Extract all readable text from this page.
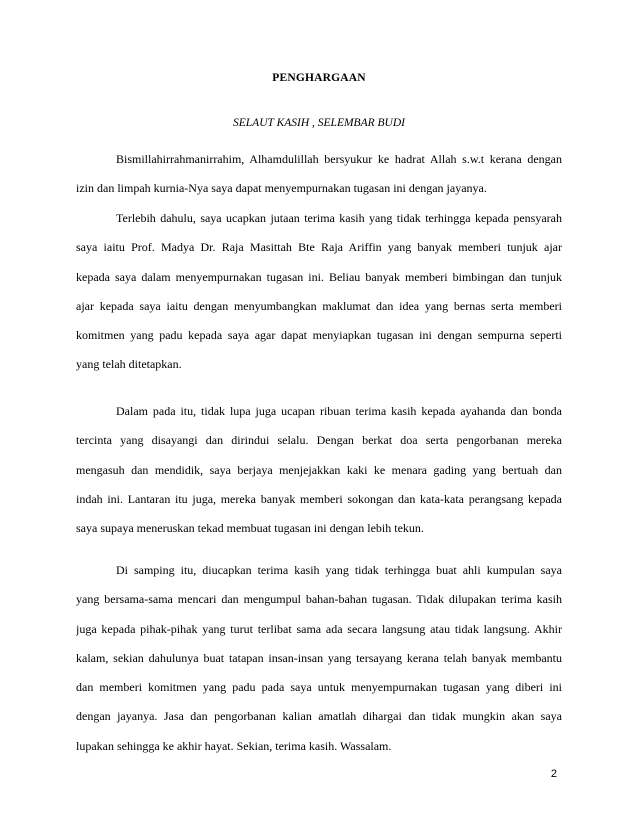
PENGHARGAAN
SELAUT KASIH , SELEMBAR BUDI
Bismillahirrahmanirrahim, Alhamdulillah bersyukur ke hadrat Allah s.w.t kerana dengan
izin dan limpah kurnia-Nya saya dapat menyempurnakan tugasan ini dengan jayanya.
Terlebih dahulu, saya ucapkan jutaan terima kasih yang tidak terhingga kepada pensyarah
saya iaitu Prof. Madya Dr. Raja Masittah Bte Raja Ariffin yang banyak memberi tunjuk ajar
kepada saya dalam menyempurnakan tugasan ini. Beliau banyak memberi bimbingan dan tunjuk
ajar kepada saya iaitu dengan menyumbangkan maklumat dan idea yang bernas serta memberi
komitmen yang padu kepada saya agar dapat menyiapkan tugasan ini dengan sempurna seperti
yang telah ditetapkan.
Dalam pada itu, tidak lupa juga ucapan ribuan terima kasih kepada ayahanda dan bonda
tercinta yang disayangi dan dirindui selalu. Dengan berkat doa serta pengorbanan mereka
mengasuh dan mendidik, saya berjaya menjejakkan kaki ke menara gading yang bertuah dan
indah ini. Lantaran itu juga, mereka banyak memberi sokongan dan kata-kata perangsang kepada
saya supaya meneruskan tekad membuat tugasan ini dengan lebih tekun.
Di samping itu, diucapkan terima kasih yang tidak terhingga buat ahli kumpulan saya
yang bersama-sama mencari dan mengumpul bahan-bahan tugasan. Tidak dilupakan terima kasih
juga kepada pihak-pihak yang turut terlibat sama ada secara langsung atau tidak langsung. Akhir
kalam, sekian dahulunya buat tatapan insan-insan yang tersayang kerana telah banyak membantu
dan memberi komitmen yang padu pada saya untuk menyempurnakan tugasan yang diberi ini
dengan jayanya. Jasa dan pengorbanan kalian amatlah dihargai dan tidak mungkin akan saya
lupakan sehingga ke akhir hayat. Sekian, terima kasih. Wassalam.
2
